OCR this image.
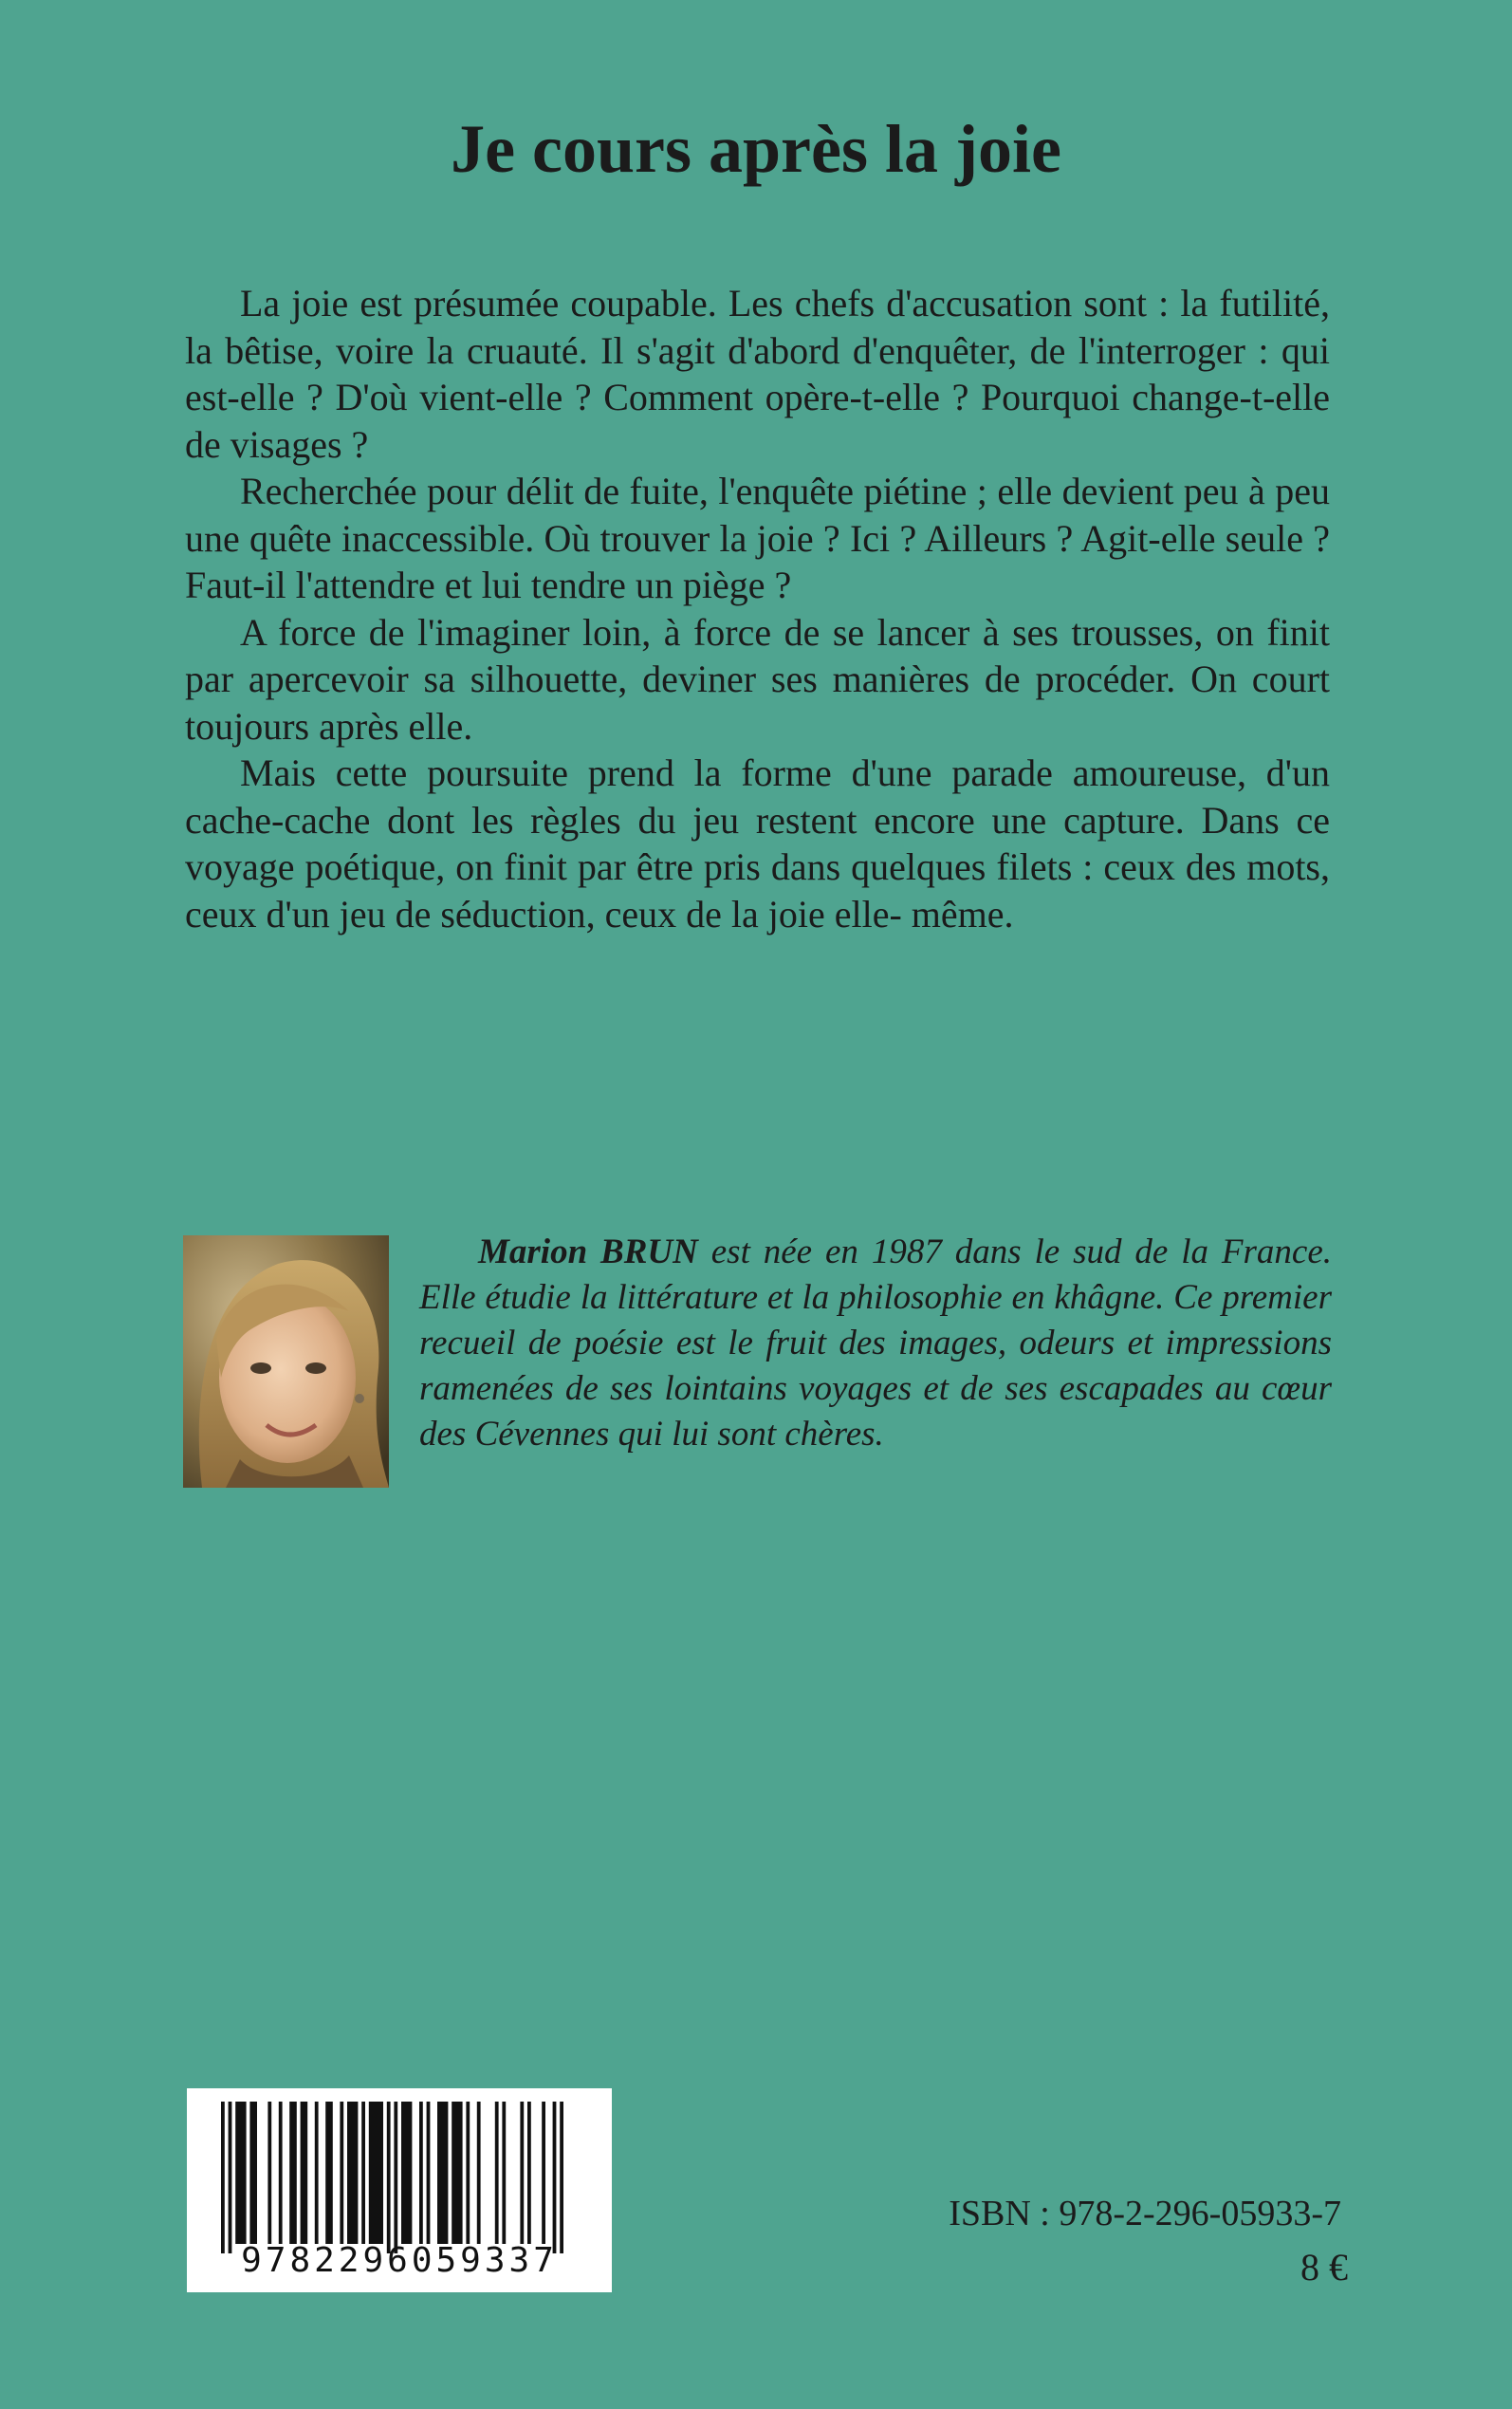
Je cours après la joie

La joie est présumée coupable. Les chefs d'accusation sont : la futilité, la bêtise, voire la cruauté. Il s'agit d'abord d'enquêter, de l'interroger : qui est-elle ? D'où vient-elle ? Comment opère-t-elle ? Pourquoi change-t-elle de visages ?

Recherchée pour délit de fuite, l'enquête piétine ; elle devient peu à peu une quête inaccessible. Où trouver la joie ? Ici ? Ailleurs ? Agit-elle seule ? Faut-il l'attendre et lui tendre un piège ?

A force de l'imaginer loin, à force de se lancer à ses trousses, on finit par apercevoir sa silhouette, deviner ses manières de procéder. On court toujours après elle.

Mais cette poursuite prend la forme d'une parade amoureuse, d'un cache-cache dont les règles du jeu restent encore une capture. Dans ce voyage poétique, on finit par être pris dans quelques filets : ceux des mots, ceux d'un jeu de séduction, ceux de la joie elle- même.

Marion BRUN est née en 1987 dans le sud de la France. Elle étudie la littérature et la philosophie en khâgne. Ce premier recueil de poésie est le fruit des images, odeurs et impressions ramenées de ses lointains voyages et de ses escapades au cœur des Cévennes qui lui sont chères.

9782296059337

ISBN : 978-2-296-05933-7

8 €
